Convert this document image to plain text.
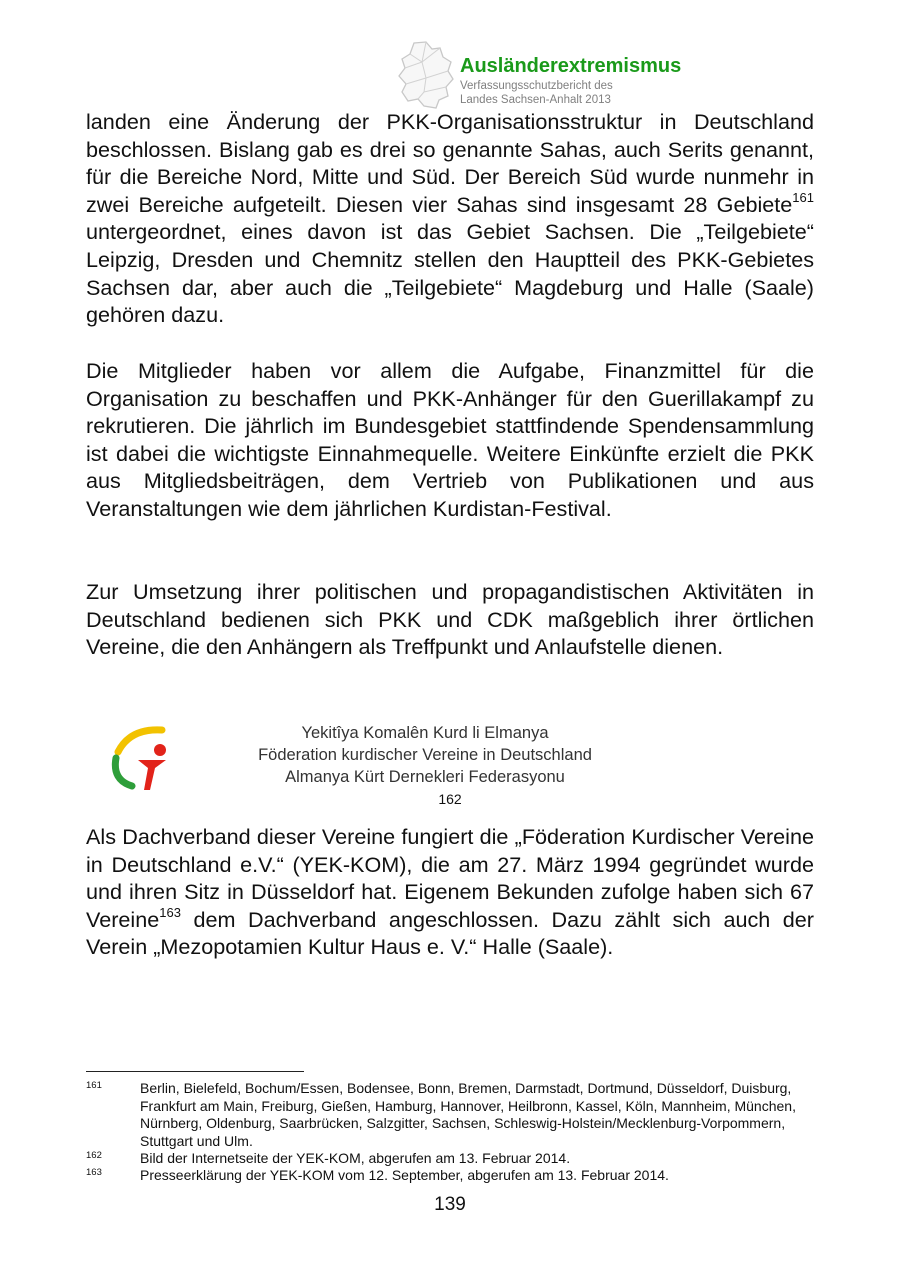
Ausländerextremismus
Verfassungsschutzbericht des
Landes Sachsen-Anhalt 2013

landen eine Änderung der PKK-Organisationsstruktur in Deutschland beschlossen. Bislang gab es drei so genannte Sahas, auch Serits genannt, für die Bereiche Nord, Mitte und Süd. Der Bereich Süd wurde nunmehr in zwei Bereiche aufgeteilt. Diesen vier Sahas sind insgesamt 28 Gebiete$^{161}$ untergeordnet, eines davon ist das Gebiet Sachsen. Die „Teilgebiete“ Leipzig, Dresden und Chemnitz stellen den Hauptteil des PKK-Gebietes Sachsen dar, aber auch die „Teilgebiete“ Magdeburg und Halle (Saale) gehören dazu.

Die Mitglieder haben vor allem die Aufgabe, Finanzmittel für die Organisation zu beschaffen und PKK-Anhänger für den Guerillakampf zu rekrutieren. Die jährlich im Bundesgebiet stattfindende Spendensammlung ist dabei die wichtigste Einnahmequelle. Weitere Einkünfte erzielt die PKK aus Mitgliedsbeiträgen, dem Vertrieb von Publikationen und aus Veranstaltungen wie dem jährlichen Kurdistan-Festival.

Zur Umsetzung ihrer politischen und propagandistischen Aktivitäten in Deutschland bedienen sich PKK und CDK maßgeblich ihrer örtlichen Vereine, die den Anhängern als Treffpunkt und Anlaufstelle dienen.

Yekitîya Komalên Kurd li Elmanya
Föderation kurdischer Vereine in Deutschland
Almanya Kürt Dernekleri Federasyonu
162

Als Dachverband dieser Vereine fungiert die „Föderation Kurdischer Vereine in Deutschland e.V.“ (YEK-KOM), die am 27. März 1994 gegründet wurde und ihren Sitz in Düsseldorf hat. Eigenem Bekunden zufolge haben sich 67 Vereine$^{163}$ dem Dachverband angeschlossen. Dazu zählt sich auch der Verein „Mezopotamien Kultur Haus e. V.“ Halle (Saale).

161	Berlin, Bielefeld, Bochum/Essen, Bodensee, Bonn, Bremen, Darmstadt, Dortmund, Düsseldorf, Duisburg, Frankfurt am Main, Freiburg, Gießen, Hamburg, Hannover, Heilbronn, Kassel, Köln, Mannheim, München, Nürnberg, Oldenburg, Saarbrücken, Salzgitter, Sachsen, Schleswig-Holstein/Mecklenburg-Vorpommern, Stuttgart und Ulm.
162	Bild der Internetseite der YEK-KOM, abgerufen am 13. Februar 2014.
163	Presseerklärung der YEK-KOM vom 12. September, abgerufen am 13. Februar 2014.
139
